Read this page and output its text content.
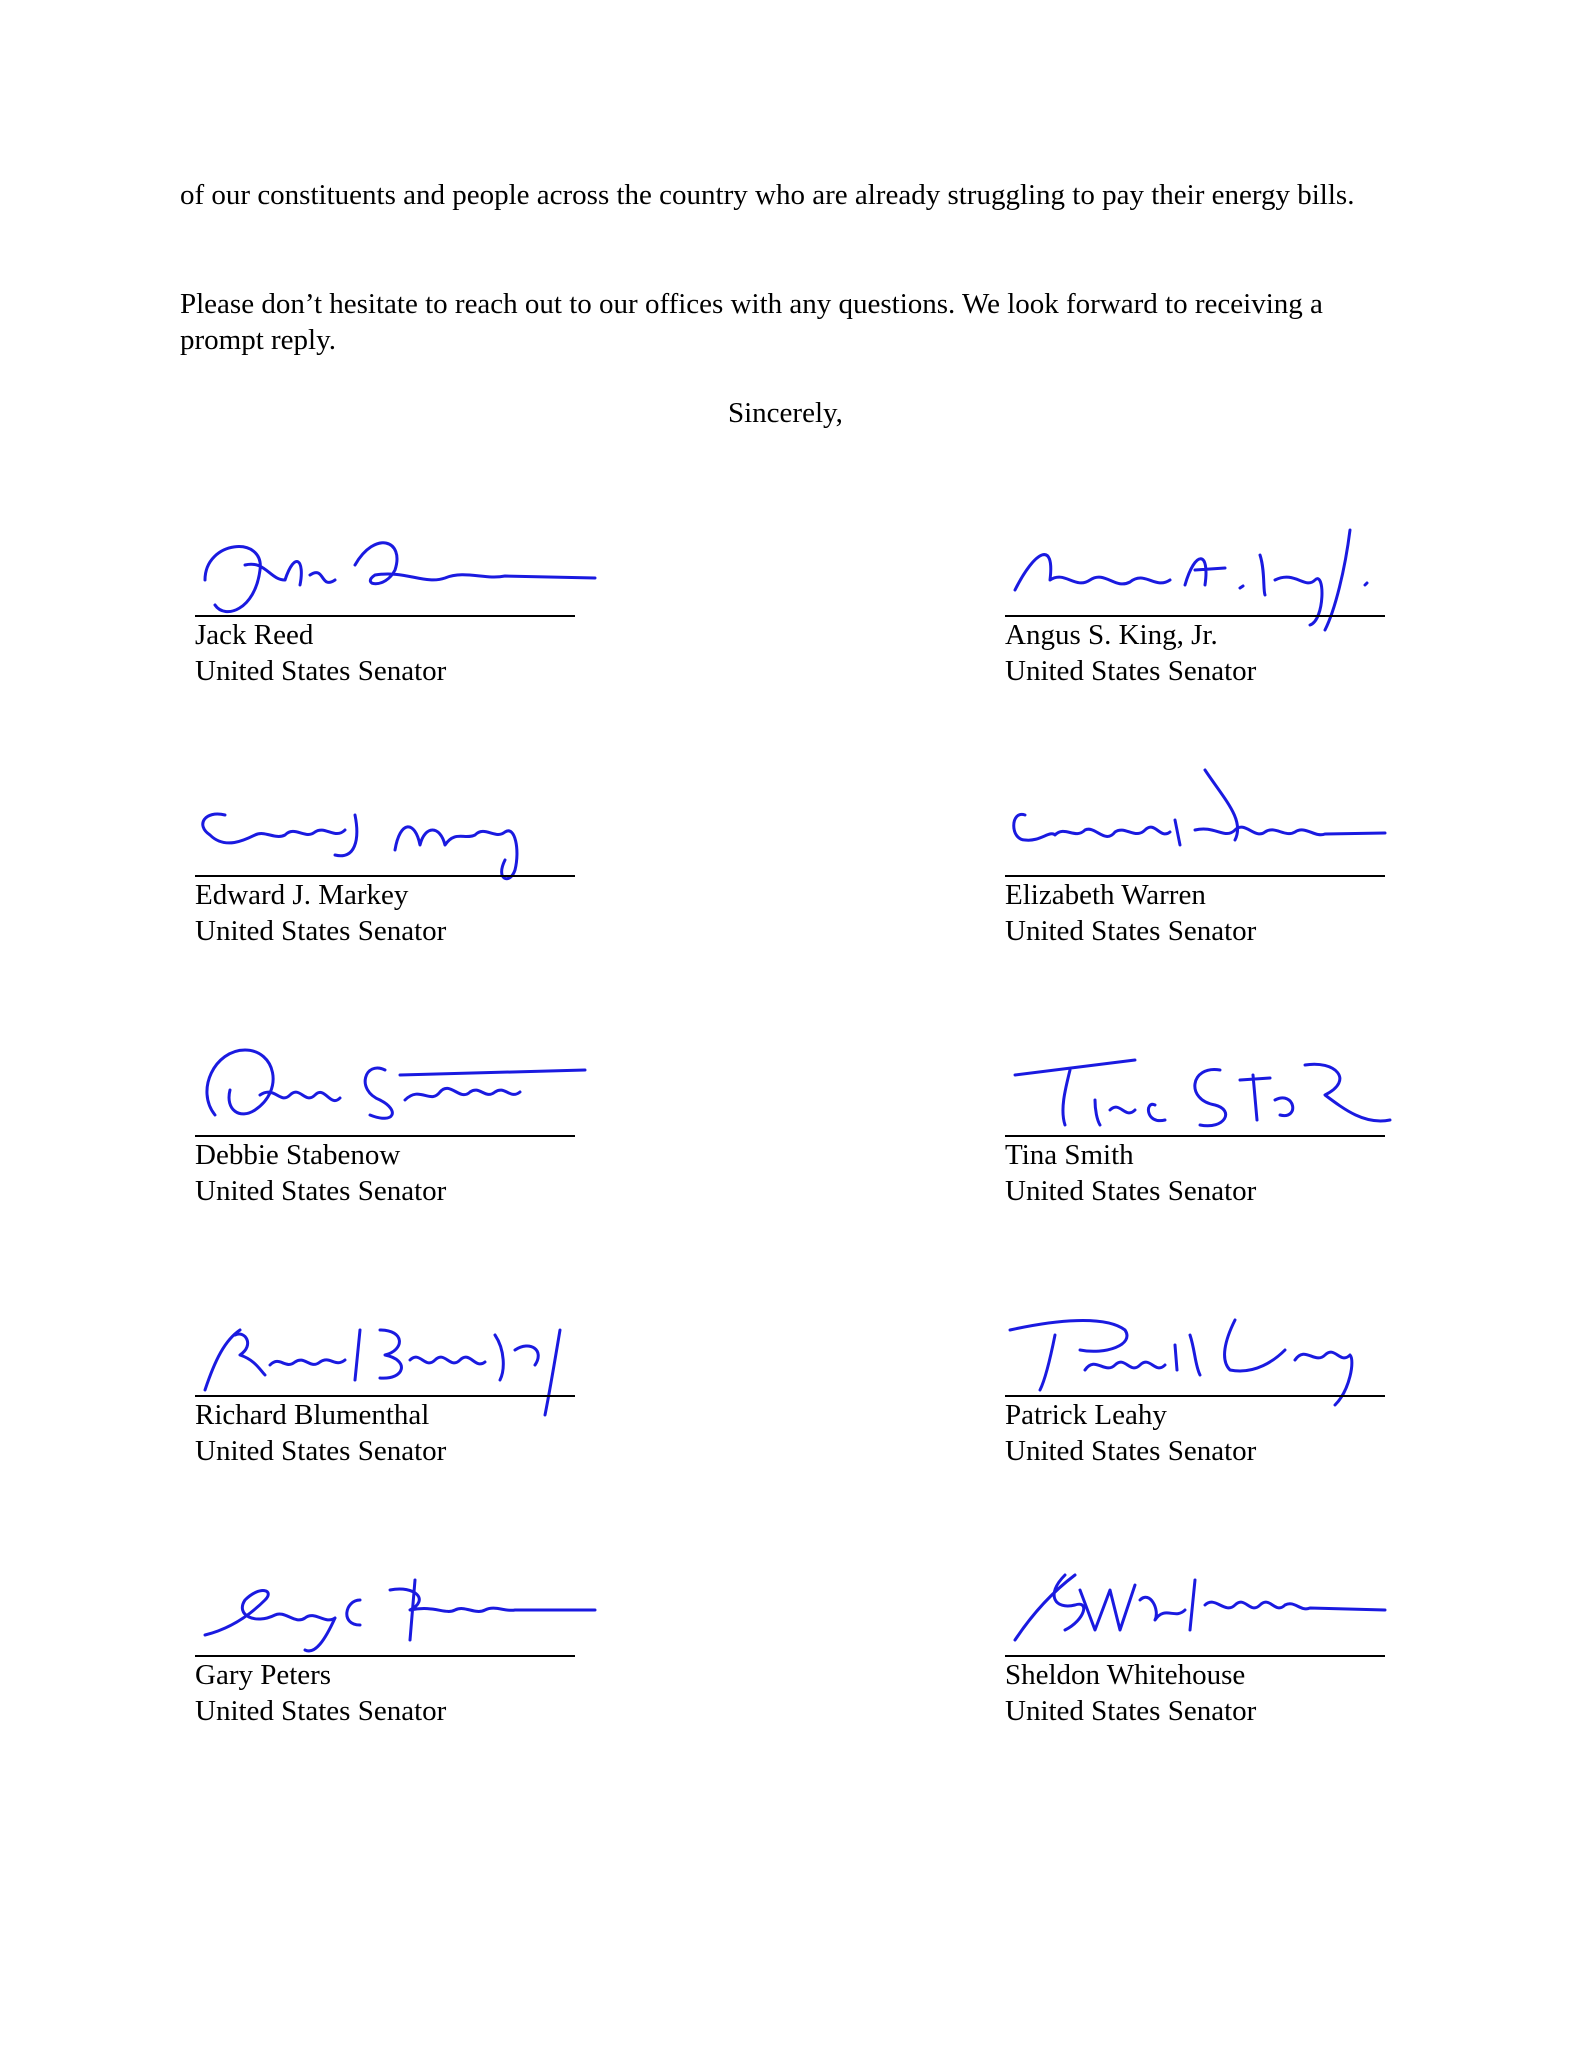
of our constituents and people across the country who are already struggling to pay their energy bills.

Please don’t hesitate to reach out to our offices with any questions. We look forward to receiving a prompt reply.

Sincerely,
Jack Reed
United States Senator
Angus S. King, Jr.
United States Senator
Edward J. Markey
United States Senator
Elizabeth Warren
United States Senator
Debbie Stabenow
United States Senator
Tina Smith
United States Senator
Richard Blumenthal
United States Senator
Patrick Leahy
United States Senator
Gary Peters
United States Senator
Sheldon Whitehouse
United States Senator
